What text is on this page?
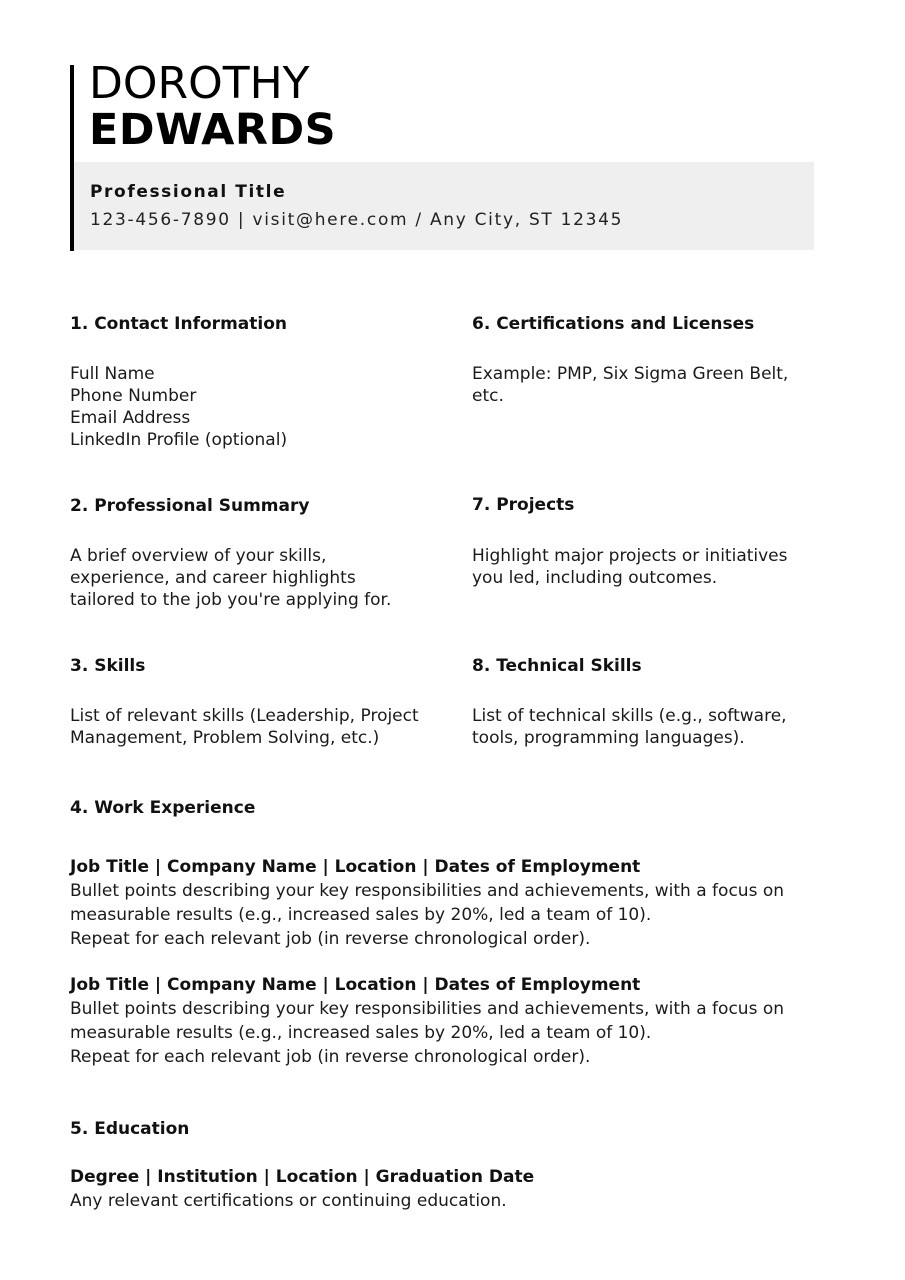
DOROTHY
EDWARDS
Professional Title
123-456-7890 | visit@here.com / Any City, ST 12345
1. Contact Information
Full Name
Phone Number
Email Address
LinkedIn Profile (optional)
2. Professional Summary
A brief overview of your skills,
experience, and career highlights
tailored to the job you're applying for.
3. Skills
List of relevant skills (Leadership, Project
Management, Problem Solving, etc.)
6. Certifications and Licenses
Example: PMP, Six Sigma Green Belt,
etc.
7. Projects
Highlight major projects or initiatives
you led, including outcomes.
8. Technical Skills
List of technical skills (e.g., software,
tools, programming languages).
4. Work Experience
Job Title | Company Name | Location | Dates of Employment
Bullet points describing your key responsibilities and achievements, with a focus on
measurable results (e.g., increased sales by 20%, led a team of 10).
Repeat for each relevant job (in reverse chronological order).
Job Title | Company Name | Location | Dates of Employment
Bullet points describing your key responsibilities and achievements, with a focus on
measurable results (e.g., increased sales by 20%, led a team of 10).
Repeat for each relevant job (in reverse chronological order).
5. Education
Degree | Institution | Location | Graduation Date
Any relevant certifications or continuing education.
